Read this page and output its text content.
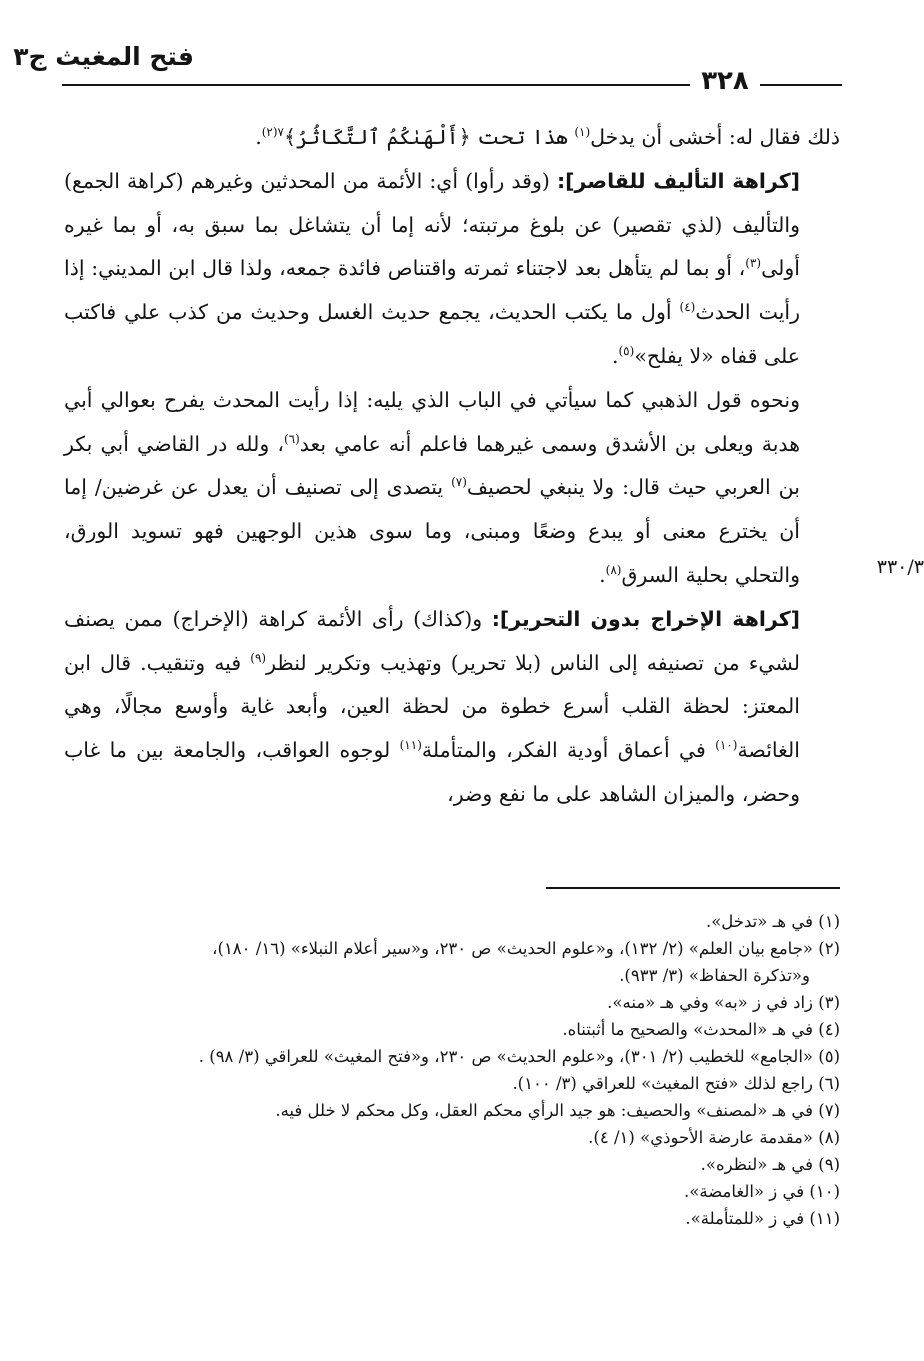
فتح المغيث ج٣
٣٢٨
٣٣٠/٣

ذلك فقال له: أخشى أن يدخل$^{(١)}$ هذا تحت ﴿أَلْهَىٰكُمُ ٱلتَّكَاثُرُ﴾$^{٧(٢)}$.

[كراهة التأليف للقاصر]: (وقد رأوا) أي: الأئمة من المحدثين وغيرهم (كراهة الجمع) والتأليف (لذي تقصير) عن بلوغ مرتبته؛ لأنه إما أن يتشاغل بما سبق به، أو بما غيره أولى$^{(٣)}$، أو بما لم يتأهل بعد لاجتناء ثمرته واقتناص فائدة جمعه، ولذا قال ابن المديني: إذا رأيت الحدث$^{(٤)}$ أول ما يكتب الحديث، يجمع حديث الغسل وحديث من كذب علي فاكتب على قفاه «لا يفلح»$^{(٥)}$.

ونحوه قول الذهبي كما سيأتي في الباب الذي يليه: إذا رأيت المحدث يفرح بعوالي أبي هدبة ويعلى بن الأشدق وسمى غيرهما فاعلم أنه عامي بعد$^{(٦)}$، ولله در القاضي أبي بكر بن العربي حيث قال: ولا ينبغي لحصيف$^{(٧)}$ يتصدى إلى تصنيف أن يعدل عن غرضين/ إما أن يخترع معنى أو يبدع وضعًا ومبنى، وما سوى هذين الوجهين فهو تسويد الورق، والتحلي بحلية السرق$^{(٨)}$.

[كراهة الإخراج بدون التحرير]: و(كذاك) رأى الأئمة كراهة (الإخراج) ممن يصنف لشيء من تصنيفه إلى الناس (بلا تحرير) وتهذيب وتكرير لنظر$^{(٩)}$ فيه وتنقيب. قال ابن المعتز: لحظة القلب أسرع خطوة من لحظة العين، وأبعد غاية وأوسع مجالًا، وهي الغائصة$^{(١٠)}$ في أعماق أودية الفكر، والمتأملة$^{(١١)}$ لوجوه العواقب، والجامعة بين ما غاب وحضر، والميزان الشاهد على ما نفع وضر،

(١) في هـ «تدخل».

(٢) «جامع بيان العلم» (٢/ ١٣٢)، و«علوم الحديث» ص ٢٣٠، و«سير أعلام النبلاء» (١٦/ ١٨٠)،

و«تذكرة الحفاظ» (٣/ ٩٣٣).

(٣) زاد في ز «به» وفي هـ «منه».

(٤) في هـ «المحدث» والصحيح ما أثبتناه.

(٥) «الجامع» للخطيب (٢/ ٣٠١)، و«علوم الحديث» ص ٢٣٠، و«فتح المغيث» للعراقي (٣/ ٩٨) .

(٦) راجع لذلك «فتح المغيث» للعراقي (٣/ ١٠٠).

(٧) في هـ «لمصنف» والحصيف: هو جيد الرأي محكم العقل، وكل محكم لا خلل فيه.

(٨) «مقدمة عارضة الأحوذي» (١/ ٤).

(٩) في هـ «لنظره».

(١٠) في ز «الغامضة».

(١١) في ز «للمتأملة».
